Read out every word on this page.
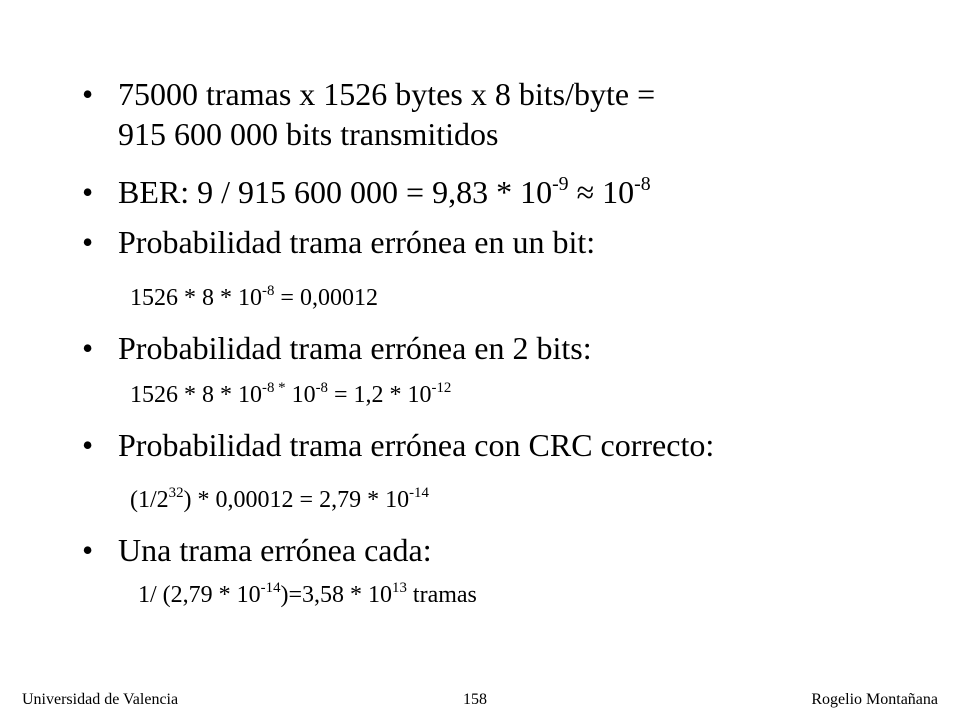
• 75000 tramas x 1526 bytes x 8 bits/byte =
915 600 000 bits transmitidos
• BER: 9 / 915 600 $000 = 9,83 * 10^{-9} \approx 10^{-8}$
• Probabilidad trama errónea en un bit:
$1526 * 8 * 10^{-8} = 0,00012$
• Probabilidad trama errónea en 2 bits:
$1526 * 8 * 10^{-8 *}$ $10^{-8} = 1,2 * 10^{-12}$
• Probabilidad trama errónea con CRC correcto:
$(1/2^{32}) * 0,00012 = 2,79 * 10^{-14}$
• Una trama errónea cada:
1/ $(2,79 * 10^{-14})=3,58 * 10^{13}$ tramas
Universidad de Valencia	158	Rogelio Montañana
